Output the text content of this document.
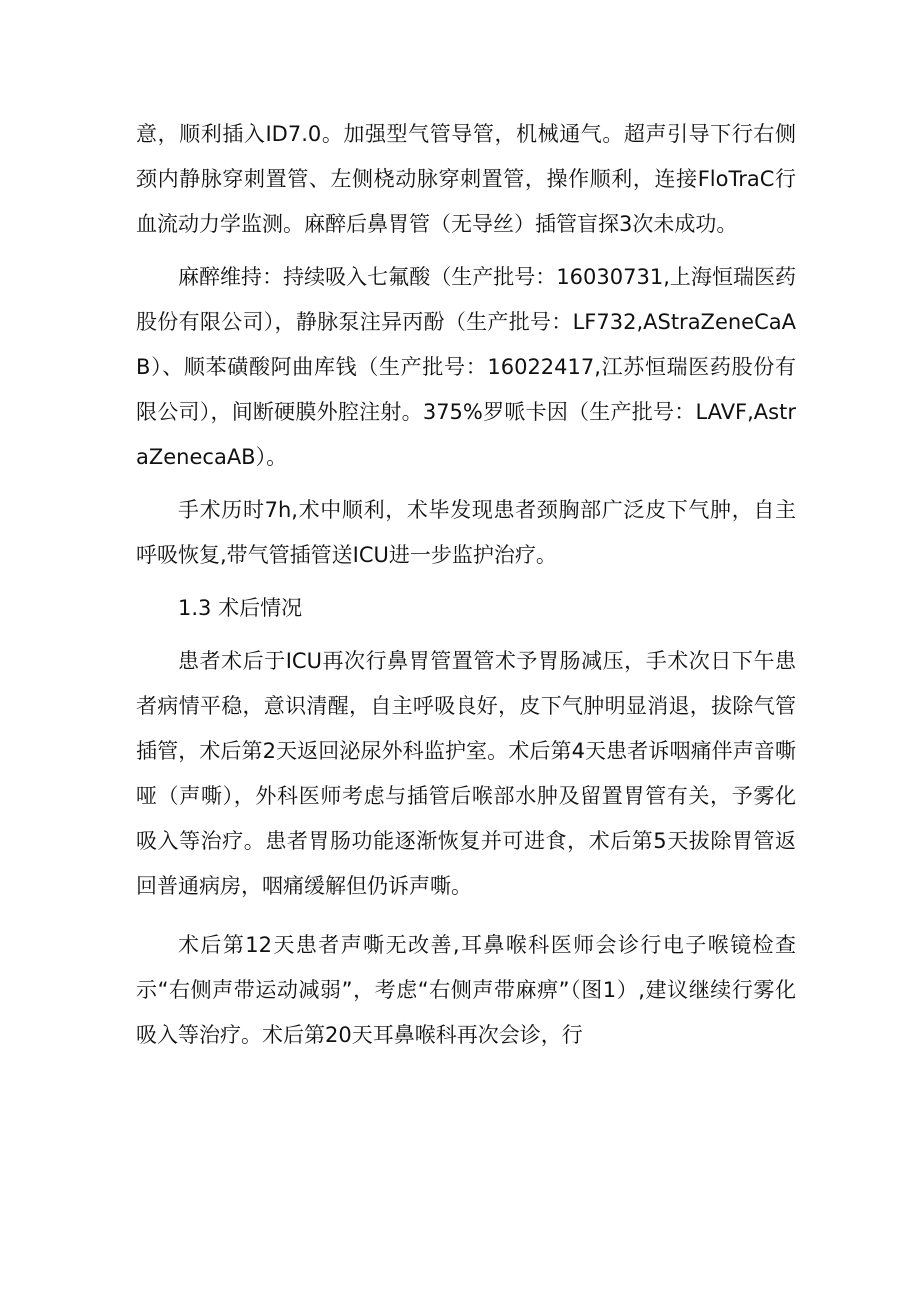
意，顺利插入ID7.0。加强型气管导管，机械通气。超声引导下行右侧颈内静脉穿刺置管、左侧桡动脉穿刺置管，操作顺利，连接FloTraC行血流动力学监测。麻醉后鼻胃管（无导丝）插管盲探3次未成功。

麻醉维持：持续吸入七氟酸（生产批号：16030731,上海恒瑞医药股份有限公司），静脉泵注异丙酚（生产批号：LF732,AStraZeneCaAB）、顺苯磺酸阿曲库钱（生产批号：16022417,江苏恒瑞医药股份有限公司），间断硬膜外腔注射。375%罗哌卡因（生产批号：LAVF,AstraZenecaAB）。

手术历时7h,术中顺利，术毕发现患者颈胸部广泛皮下气肿，自主呼吸恢复,带气管插管送ICU进一步监护治疗。

1.3 术后情况

患者术后于ICU再次行鼻胃管置管术予胃肠减压，手术次日下午患者病情平稳，意识清醒，自主呼吸良好，皮下气肿明显消退，拔除气管插管，术后第2天返回泌尿外科监护室。术后第4天患者诉咽痛伴声音嘶哑（声嘶），外科医师考虑与插管后喉部水肿及留置胃管有关，予雾化吸入等治疗。患者胃肠功能逐渐恢复并可进食，术后第5天拔除胃管返回普通病房，咽痛缓解但仍诉声嘶。

术后第12天患者声嘶无改善,耳鼻喉科医师会诊行电子喉镜检查示“右侧声带运动减弱”，考虑“右侧声带麻痹”（图1）,建议继续行雾化吸入等治疗。术后第20天耳鼻喉科再次会诊，行
